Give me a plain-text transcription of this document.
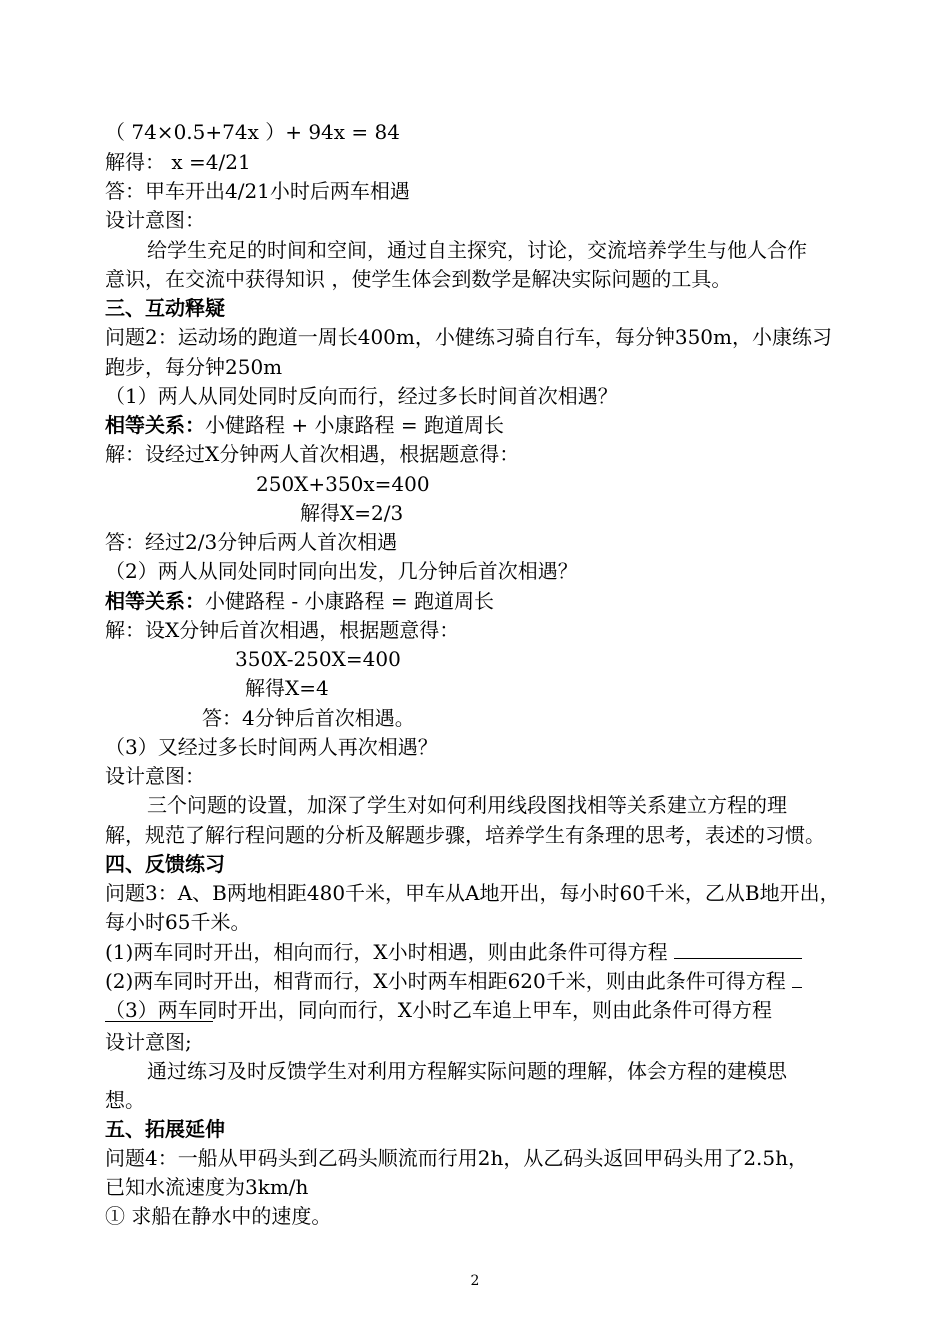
（ 74×0.5+74x ）+ 94x = 84
解得： x =4/21
答：甲车开出4/21小时后两车相遇
设计意图：
给学生充足的时间和空间，通过自主探究，讨论，交流培养学生与他人合作
意识，在交流中获得知识 ，使学生体会到数学是解决实际问题的工具。
三、互动释疑
问题2：运动场的跑道一周长400m，小健练习骑自行车，每分钟350m，小康练习
跑步，每分钟250m
（1）两人从同处同时反向而行，经过多长时间首次相遇？
相等关系：小健路程 + 小康路程 = 跑道周长
解：设经过X分钟两人首次相遇，根据题意得：
250X+350x=400
解得X=2/3
答：经过2/3分钟后两人首次相遇
（2）两人从同处同时同向出发，几分钟后首次相遇？
相等关系：小健路程 - 小康路程 = 跑道周长
解：设X分钟后首次相遇，根据题意得：
350X-250X=400
解得X=4
答：4分钟后首次相遇。
（3）又经过多长时间两人再次相遇？
设计意图：
三个问题的设置，加深了学生对如何利用线段图找相等关系建立方程的理
解，规范了解行程问题的分析及解题步骤，培养学生有条理的思考，表述的习惯。
四、反馈练习
问题3：A、B两地相距480千米，甲车从A地开出，每小时60千米，乙从B地开出，
每小时65千米。
(1)两车同时开出，相向而行，X小时相遇，则由此条件可得方程
(2)两车同时开出，相背而行，X小时两车相距620千米，则由此条件可得方程
（3）两车同时开出，同向而行，X小时乙车追上甲车，则由此条件可得方程
设计意图;
通过练习及时反馈学生对利用方程解实际问题的理解，体会方程的建模思
想。
五、拓展延伸
问题4：一船从甲码头到乙码头顺流而行用2h，从乙码头返回甲码头用了2.5h，
已知水流速度为3km/h
① 求船在静水中的速度。
2
